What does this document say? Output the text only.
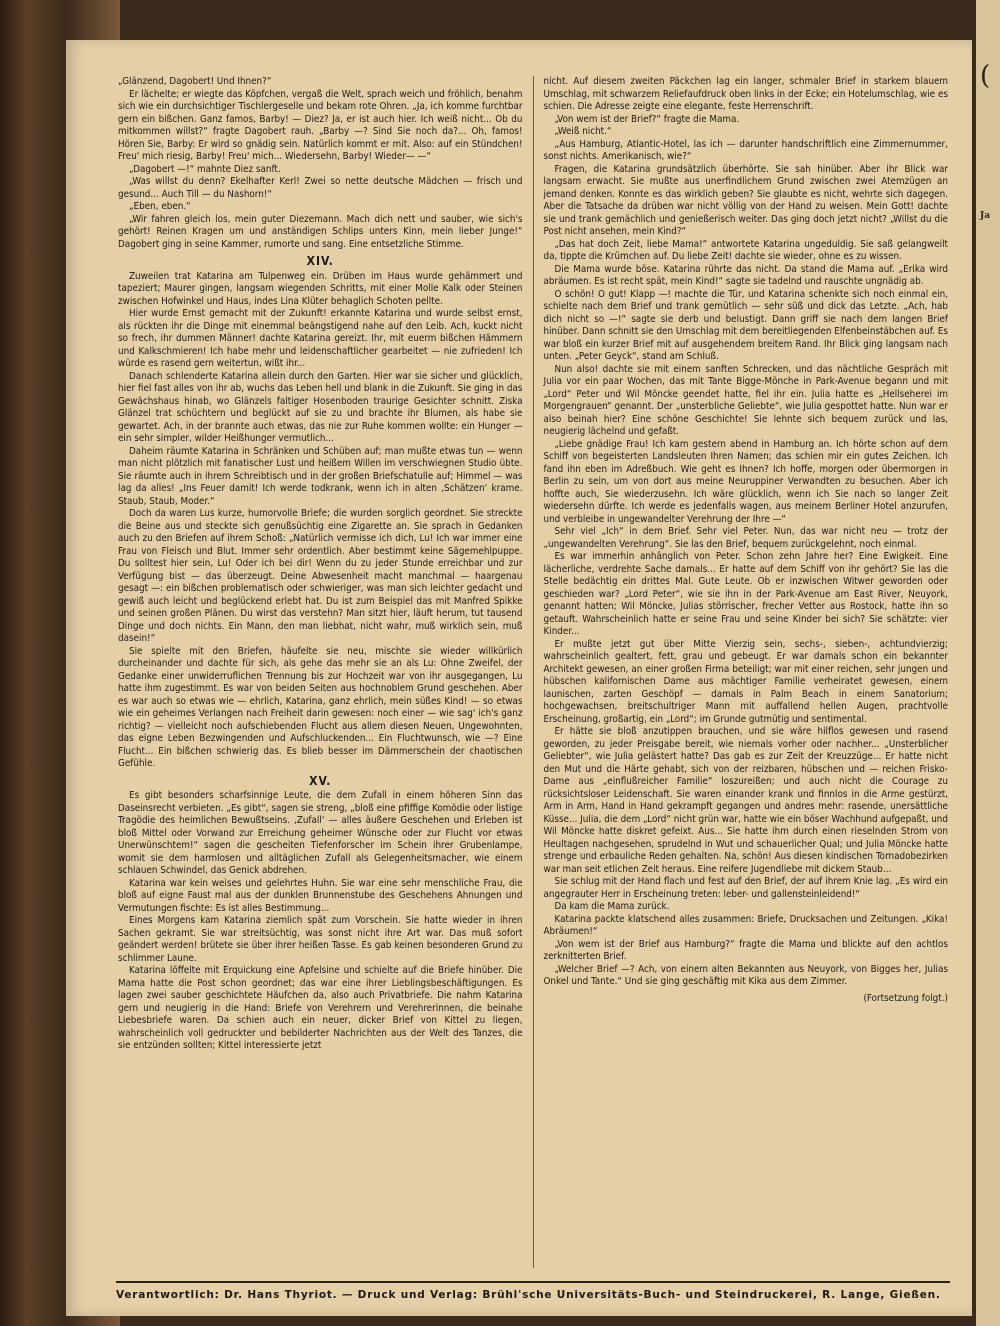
(
Ja

„Glänzend, Dagobert! Und Ihnen?“

Er lächelte; er wiegte das Köpfchen, vergaß die Welt, sprach weich und fröhlich, benahm sich wie ein durchsichtiger Tischlergeselle und bekam rote Ohren. „Ja, ich komme furchtbar gern ein bißchen. Ganz famos, Barby! — Diez? Ja, er ist auch hier. Ich weiß nicht... Ob du mitkommen willst?“ fragte Dagobert rauh. „Barby —? Sind Sie noch da?... Oh, famos! Hören Sie, Barby: Er wird so gnädig sein. Natürlich kommt er mit. Also: auf ein Stündchen! Freu' mich riesig, Barby! Freu' mich... Wiedersehn, Barby! Wieder— —“

„Dagobert —!“ mahnte Diez sanft.

„Was willst du denn? Ekelhafter Kerl! Zwei so nette deutsche Mädchen — frisch und gesund... Auch Till — du Nashorn!“

„Eben, eben.“

„Wir fahren gleich los, mein guter Diezemann. Mach dich nett und sauber, wie sich's gehört! Reinen Kragen um und anständigen Schlips unters Kinn, mein lieber Junge!“ Dagobert ging in seine Kammer, rumorte und sang. Eine entsetzliche Stimme.

XIV.

Zuweilen trat Katarina am Tulpenweg ein. Drüben im Haus wurde gehämmert und tapeziert; Maurer gingen, langsam wiegenden Schritts, mit einer Molle Kalk oder Steinen zwischen Hofwinkel und Haus, indes Lina Klüter behaglich Schoten pellte.

Hier wurde Ernst gemacht mit der Zukunft! erkannte Katarina und wurde selbst ernst, als rückten ihr die Dinge mit einemmal beängstigend nahe auf den Leib. Ach, kuckt nicht so frech, ihr dummen Männer! dachte Katarina gereizt. Ihr, mit euerm bißchen Hämmern und Kalkschmieren! Ich habe mehr und leidenschaftlicher gearbeitet — nie zufrieden! Ich würde es rasend gern weitertun, wißt ihr...

Danach schlenderte Katarina allein durch den Garten. Hier war sie sicher und glücklich, hier fiel fast alles von ihr ab, wuchs das Leben hell und blank in die Zukunft. Sie ging in das Gewächshaus hinab, wo Glänzels faltiger Hosenboden traurige Gesichter schnitt. Ziska Glänzel trat schüchtern und beglückt auf sie zu und brachte ihr Blumen, als habe sie gewartet. Ach, in der brannte auch etwas, das nie zur Ruhe kommen wollte: ein Hunger — ein sehr simpler, wilder Heißhunger vermutlich...

Daheim räumte Katarina in Schränken und Schüben auf; man mußte etwas tun — wenn man nicht plötzlich mit fanatischer Lust und heißem Willen im verschwiegnen Studio übte. Sie räumte auch in ihrem Schreibtisch und in der großen Briefschatulle auf; Himmel — was lag da alles! „Ins Feuer damit! Ich werde todkrank, wenn ich in alten ‚Schätzen‘ krame. Staub, Staub, Moder.“

Doch da waren Lus kurze, humorvolle Briefe; die wurden sorglich geordnet. Sie streckte die Beine aus und steckte sich genußsüchtig eine Zigarette an. Sie sprach in Gedanken auch zu den Briefen auf ihrem Schoß: „Natürlich vermisse ich dich, Lu! Ich war immer eine Frau von Fleisch und Blut. Immer sehr ordentlich. Aber bestimmt keine Sägemehlpuppe. Du solltest hier sein, Lu! Oder ich bei dir! Wenn du zu jeder Stunde erreichbar und zur Verfügung bist — das überzeugt. Deine Abwesenheit macht manchmal — haargenau gesagt —: ein bißchen problematisch oder schwieriger, was man sich leichter gedacht und gewiß auch leicht und beglückend erlebt hat. Du ist zum Beispiel das mit Manfred Spikke und seinen großen Plänen. Du wirst das verstehn? Man sitzt hier, läuft herum, tut tausend Dinge und doch nichts. Ein Mann, den man liebhat, nicht wahr, muß wirklich sein, muß dasein!“

Sie spielte mit den Briefen, häufelte sie neu, mischte sie wieder willkürlich durcheinander und dachte für sich, als gehe das mehr sie an als Lu: Ohne Zweifel, der Gedanke einer unwiderruflichen Trennung bis zur Hochzeit war von ihr ausgegangen, Lu hatte ihm zugestimmt. Es war von beiden Seiten aus hochnoblem Grund geschehen. Aber es war auch so etwas wie — ehrlich, Katarina, ganz ehrlich, mein süßes Kind! — so etwas wie ein geheimes Verlangen nach Freiheit darin gewesen: noch einer — wie sag' ich's ganz richtig? — vielleicht noch aufschiebenden Flucht aus allem diesen Neuen, Ungewohnten, das eigne Leben Bezwingenden und Aufschluckenden... Ein Fluchtwunsch, wie —? Eine Flucht... Ein bißchen schwierig das. Es blieb besser im Dämmerschein der chaotischen Gefühle.

XV.

Es gibt besonders scharfsinnige Leute, die dem Zufall in einem höheren Sinn das Daseinsrecht verbieten. „Es gibt“, sagen sie streng, „bloß eine pfiffige Komödie oder listige Tragödie des heimlichen Bewußtseins. ‚Zufall‘ — alles äußere Geschehen und Erleben ist bloß Mittel oder Vorwand zur Erreichung geheimer Wünsche oder zur Flucht vor etwas Unerwünschtem!“ sagen die gescheiten Tiefenforscher im Schein ihrer Grubenlampe, womit sie dem harmlosen und alltäglichen Zufall als Gelegenheitsmacher, wie einem schlauen Schwindel, das Genick abdrehen.

Katarina war kein weises und gelehrtes Huhn. Sie war eine sehr menschliche Frau, die bloß auf eigne Faust mal aus der dunklen Brunnenstube des Geschehens Ahnungen und Vermutungen fischte: Es ist alles Bestimmung...

Eines Morgens kam Katarina ziemlich spät zum Vorschein. Sie hatte wieder in ihren Sachen gekramt. Sie war streitsüchtig, was sonst nicht ihre Art war. Das muß sofort geändert werden! brütete sie über ihrer heißen Tasse. Es gab keinen besonderen Grund zu schlimmer Laune.

Katarina löffelte mit Erquickung eine Apfelsine und schielte auf die Briefe hinüber. Die Mama hatte die Post schon geordnet; das war eine ihrer Lieblingsbeschäftigungen. Es lagen zwei sauber geschichtete Häufchen da, also auch Privatbriefe. Die nahm Katarina gern und neugierig in die Hand: Briefe von Verehrern und Verehrerinnen, die beinahe Liebesbriefe waren. Da schien auch ein neuer, dicker Brief von Kittel zu liegen, wahrscheinlich voll gedruckter und bebilderter Nachrichten aus der Welt des Tanzes, die sie entzünden sollten; Kittel interessierte jetzt

nicht. Auf diesem zweiten Päckchen lag ein langer, schmaler Brief in starkem blauem Umschlag, mit schwarzem Reliefaufdruck oben links in der Ecke; ein Hotelumschlag, wie es schien. Die Adresse zeigte eine elegante, feste Herrenschrift.

„Von wem ist der Brief?“ fragte die Mama.

„Weiß nicht.“

„Aus Hamburg, Atlantic-Hotel, las ich — darunter handschriftlich eine Zimmernummer, sonst nichts. Amerikanisch, wie?“

Fragen, die Katarina grundsätzlich überhörte. Sie sah hinüber. Aber ihr Blick war langsam erwacht. Sie mußte aus unerfindlichem Grund zwischen zwei Atemzügen an jemand denken. Konnte es das wirklich geben? Sie glaubte es nicht, wehrte sich dagegen. Aber die Tatsache da drüben war nicht völlig von der Hand zu weisen. Mein Gott! dachte sie und trank gemächlich und genießerisch weiter. Das ging doch jetzt nicht? „Willst du die Post nicht ansehen, mein Kind?“

„Das hat doch Zeit, liebe Mama!“ antwortete Katarina ungeduldig. Sie saß gelangweilt da, tippte die Krümchen auf. Du liebe Zeit! dachte sie wieder, ohne es zu wissen.

Die Mama wurde böse. Katarina rührte das nicht. Da stand die Mama auf. „Erika wird abräumen. Es ist recht spät, mein Kind!“ sagte sie tadelnd und rauschte ungnädig ab.

O schön! O gut! Klapp —! machte die Tür, und Katarina schenkte sich noch einmal ein, schielte nach dem Brief und trank gemütlich — sehr süß und dick das Letzte. „Ach, hab dich nicht so —!“ sagte sie derb und belustigt. Dann griff sie nach dem langen Brief hinüber. Dann schnitt sie den Umschlag mit dem bereitliegenden Elfenbeinstäbchen auf. Es war bloß ein kurzer Brief mit auf ausgehendem breitem Rand. Ihr Blick ging langsam nach unten. „Peter Geyck“, stand am Schluß.

Nun also! dachte sie mit einem sanften Schrecken, und das nächtliche Gespräch mit Julia vor ein paar Wochen, das mit Tante Bigge-Mönche in Park-Avenue begann und mit „Lord“ Peter und Wil Möncke geendet hatte, fiel ihr ein. Julia hatte es „Hellseherei im Morgengrauen“ genannt. Der „unsterbliche Geliebte“, wie Julia gespottet hatte. Nun war er also beinah hier? Eine schöne Geschichte! Sie lehnte sich bequem zurück und las, neugierig lächelnd und gefaßt.

„Liebe gnädige Frau! Ich kam gestern abend in Hamburg an. Ich hörte schon auf dem Schiff von begeisterten Landsleuten Ihren Namen; das schien mir ein gutes Zeichen. Ich fand ihn eben im Adreßbuch. Wie geht es Ihnen? Ich hoffe, morgen oder übermorgen in Berlin zu sein, um von dort aus meine Neuruppiner Verwandten zu besuchen. Aber ich hoffte auch, Sie wiederzusehn. Ich wäre glücklich, wenn ich Sie nach so langer Zeit wiedersehn dürfte. Ich werde es jedenfalls wagen, aus meinem Berliner Hotel anzurufen, und verbleibe in ungewandelter Verehrung der Ihre —“

Sehr viel „Ich“ in dem Brief. Sehr viel Peter. Nun, das war nicht neu — trotz der „ungewandelten Verehrung“. Sie las den Brief, bequem zurückgelehnt, noch einmal.

Es war immerhin anhänglich von Peter. Schon zehn Jahre her? Eine Ewigkeit. Eine lächerliche, verdrehte Sache damals... Er hatte auf dem Schiff von ihr gehört? Sie las die Stelle bedächtig ein drittes Mal. Gute Leute. Ob er inzwischen Witwer geworden oder geschieden war? „Lord Peter“, wie sie ihn in der Park-Avenue am East River, Neuyork, genannt hatten; Wil Möncke, Julias störrischer, frecher Vetter aus Rostock, hatte ihn so getauft. Wahrscheinlich hatte er seine Frau und seine Kinder bei sich? Sie schätzte: vier Kinder...

Er mußte jetzt gut über Mitte Vierzig sein, sechs-, sieben-, achtundvierzig; wahrscheinlich gealtert, fett, grau und gebeugt. Er war damals schon ein bekannter Architekt gewesen, an einer großen Firma beteiligt; war mit einer reichen, sehr jungen und hübschen kalifornischen Dame aus mächtiger Familie verheiratet gewesen, einem launischen, zarten Geschöpf — damals in Palm Beach in einem Sanatorium; hochgewachsen, breitschultriger Mann mit auffallend hellen Augen, prachtvolle Erscheinung, großartig, ein „Lord“; im Grunde gutmütig und sentimental.

Er hätte sie bloß anzutippen brauchen, und sie wäre hilflos gewesen und rasend geworden, zu jeder Preisgabe bereit, wie niemals vorher oder nachher... „Unsterblicher Geliebter“, wie Julia gelästert hatte? Das gab es zur Zeit der Kreuzzüge... Er hatte nicht den Mut und die Härte gehabt, sich von der reizbaren, hübschen und — reichen Frisko-Dame aus „einflußreicher Familie“ loszureißen; und auch nicht die Courage zu rücksichtsloser Leidenschaft. Sie waren einander krank und finnlos in die Arme gestürzt, Arm in Arm, Hand in Hand gekrampft gegangen und andres mehr: rasende, unersättliche Küsse... Julia, die dem „Lord“ nicht grün war, hatte wie ein böser Wachhund aufgepaßt, und Wil Möncke hatte diskret gefeixt. Aus... Sie hatte ihm durch einen rieselnden Strom von Heultagen nachgesehen, sprudelnd in Wut und schauerlicher Qual; und Julia Möncke hatte strenge und erbauliche Reden gehalten. Na, schön! Aus diesen kindischen Tornadobezirken war man seit etlichen Zeit heraus. Eine reifere Jugendliebe mit dickem Staub...

Sie schlug mit der Hand flach und fest auf den Brief, der auf ihrem Knie lag. „Es wird ein angegrauter Herr in Erscheinung treten: leber- und gallensteinleidend!“

Da kam die Mama zurück.

Katarina packte klatschend alles zusammen: Briefe, Drucksachen und Zeitungen. „Kika! Abräumen!“

„Von wem ist der Brief aus Hamburg?“ fragte die Mama und blickte auf den achtlos zerknitterten Brief.

„Welcher Brief —? Ach, von einem alten Bekannten aus Neuyork, von Bigges her, Julias Onkel und Tante.“ Und sie ging geschäftig mit Kika aus dem Zimmer.

(Fortsetzung folgt.)
Verantwortlich: Dr. Hans Thyriot. — Druck und Verlag: Brühl'sche Universitäts-Buch- und Steindruckerei, R. Lange, Gießen.
